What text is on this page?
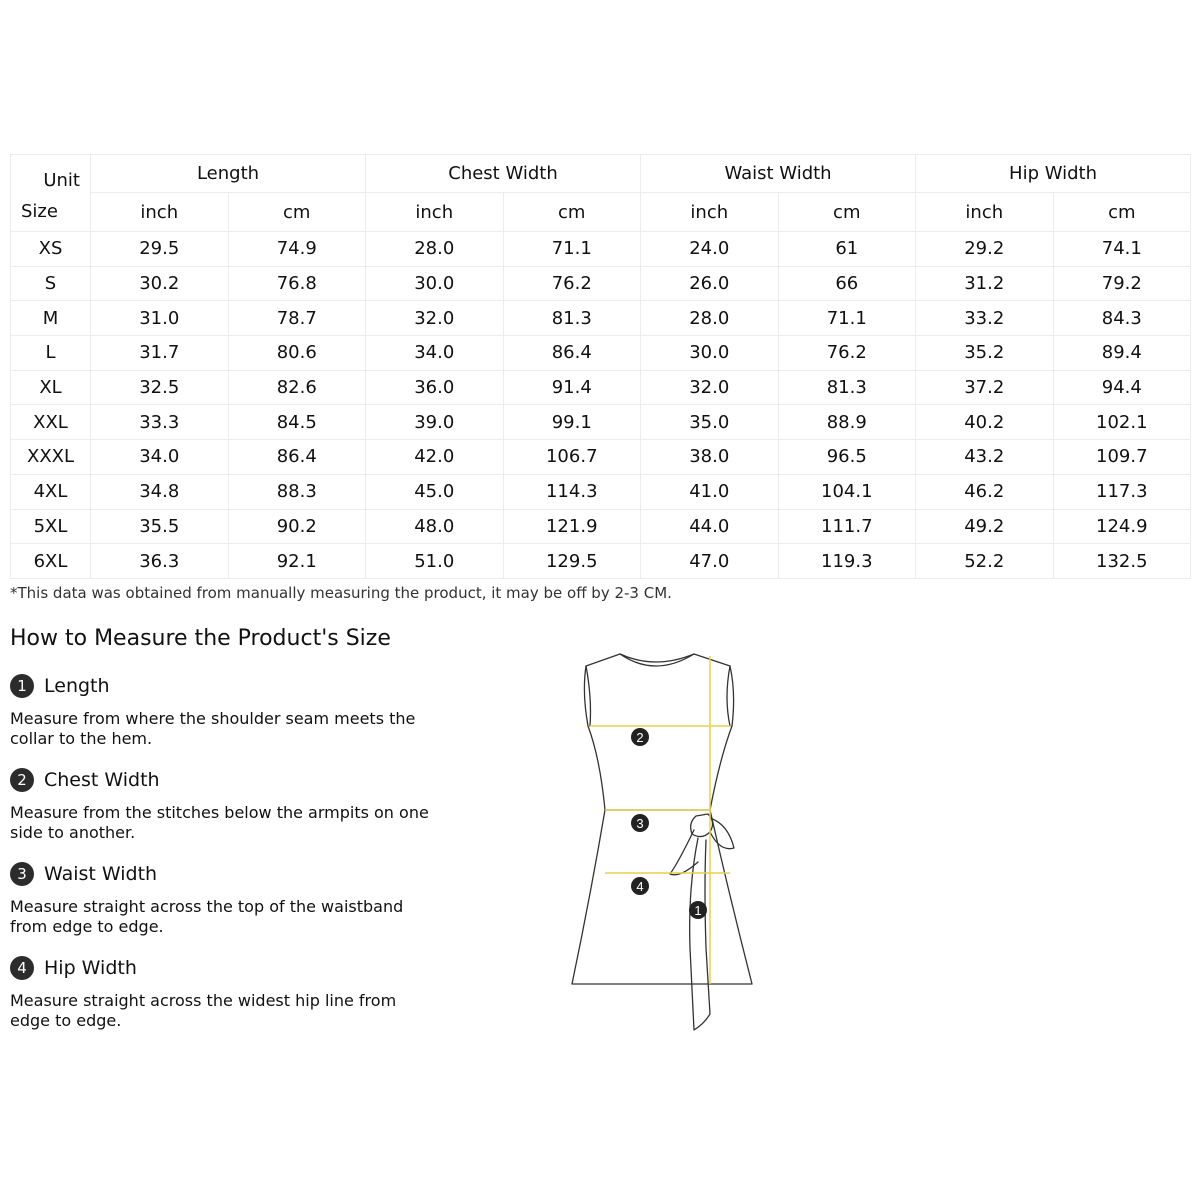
Unit	Length		Chest Width		Waist Width		Hip Width	
Size	inch	cm	inch	cm	inch	cm	inch	cm
XS	29.5	74.9	28.0	71.1	24.0	61	29.2	74.1
S	30.2	76.8	30.0	76.2	26.0	66	31.2	79.2
M	31.0	78.7	32.0	81.3	28.0	71.1	33.2	84.3
L	31.7	80.6	34.0	86.4	30.0	76.2	35.2	89.4
XL	32.5	82.6	36.0	91.4	32.0	81.3	37.2	94.4
XXL	33.3	84.5	39.0	99.1	35.0	88.9	40.2	102.1
XXXL	34.0	86.4	42.0	106.7	38.0	96.5	43.2	109.7
4XL	34.8	88.3	45.0	114.3	41.0	104.1	46.2	117.3
5XL	35.5	90.2	48.0	121.9	44.0	111.7	49.2	124.9
6XL	36.3	92.1	51.0	129.5	47.0	119.3	52.2	132.5
*This data was obtained from manually measuring the product, it may be off by 2-3 CM.
How to Measure the Product's Size
1 Length
Measure from where the shoulder seam meets the collar to the hem.
2 Chest Width
Measure from the stitches below the armpits on one side to another.
3 Waist Width
Measure straight across the top of the waistband from edge to edge.
4 Hip Width
Measure straight across the widest hip line from edge to edge.
2
3
4
1
